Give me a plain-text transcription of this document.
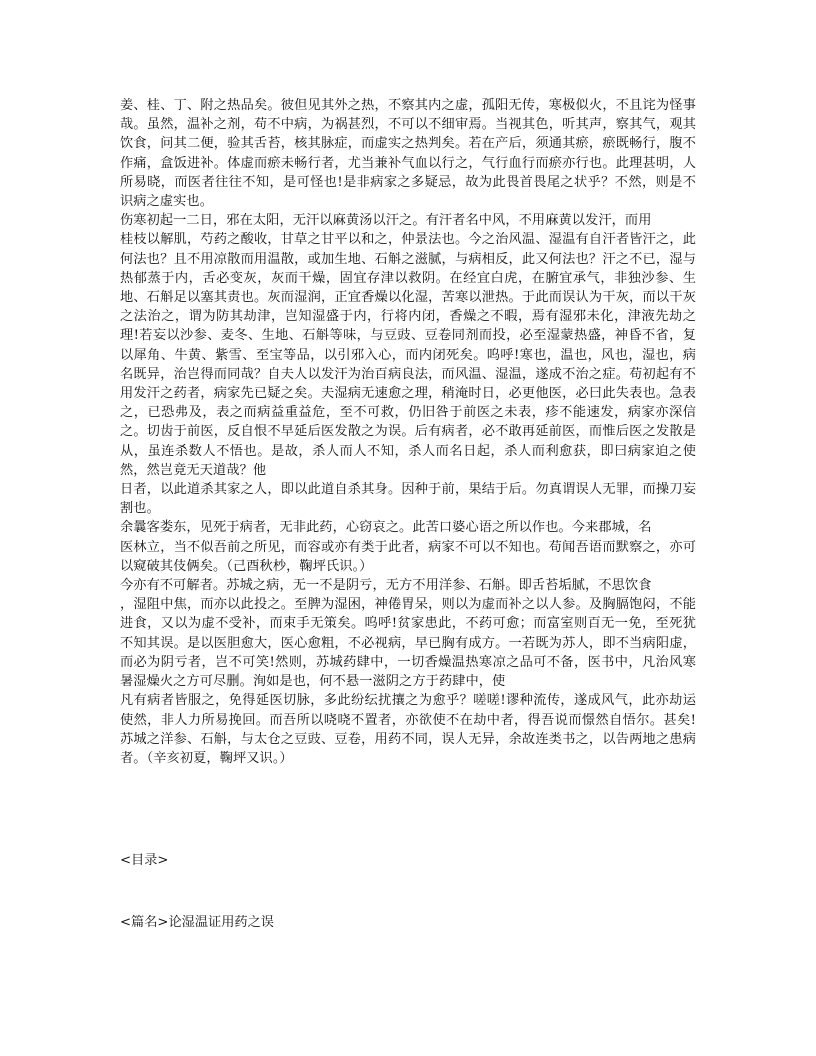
姜、桂、丁、附之热品矣。彼但见其外之热，不察其内之虚，孤阳无传，寒极似火，不且诧为怪事哉。虽然，温补之剂，苟不中病，为祸甚烈，不可以不细审焉。当视其色，听其声，察其气，观其饮食，问其二便，验其舌苔，核其脉症，而虚实之热判矣。若在产后，须通其瘀，瘀既畅行，腹不作痛，盒饭进补。体虚而瘀未畅行者，尤当兼补气血以行之，气行血行而瘀亦行也。此理甚明，人所易晓，而医者往往不知，是可怪也!是非病家之多疑忌，故为此畏首畏尾之状乎？不然，则是不识病之虚实也。

伤寒初起一二日，邪在太阳，无汗以麻黄汤以汗之。有汗者名中风，不用麻黄以发汗，而用

桂枝以解肌，芍药之酸收，甘草之甘平以和之，仲景法也。今之治风温、湿温有自汗者皆汗之，此何法也？且不用凉散而用温散，或加生地、石斛之滋腻，与病相反，此又何法也？汗之不已，湿与热郁蒸于内，舌必变灰，灰而干燥，固宜存津以救阴。在经宜白虎，在腑宜承气，非独沙参、生地、石斛足以塞其责也。灰而湿润，正宜香燥以化湿，苦寒以泄热。于此而误认为干灰，而以干灰之法治之，谓为防其劫津，岂知湿盛于内，行将内闭，香燥之不暇，焉有湿邪未化，津液先劫之理!若妄以沙参、麦冬、生地、石斛等味，与豆豉、豆卷同剂而投，必至湿蒙热盛，神昏不省，复以犀角、牛黄、紫雪、至宝等品，以引邪入心，而内闭死矣。呜呼!寒也，温也，风也，湿也，病名既异，治岂得而同哉？自夫人以发汗为治百病良法，而风温、湿温，遂成不治之症。苟初起有不用发汗之药者，病家先已疑之矣。夫湿病无速愈之理，稍淹时日，必更他医，必曰此失表也。急表之，已恐弗及，表之而病益重益危，至不可救，仍旧咎于前医之未表，疹不能速发，病家亦深信之。切齿于前医，反自恨不早延后医发散之为误。后有病者，必不敢再延前医，而惟后医之发散是从，虽连杀数人不悟也。是故，杀人而人不知，杀人而名日起，杀人而利愈获，即曰病家迫之使然，然岂竟无天道哉？他

日者，以此道杀其家之人，即以此道自杀其身。因种于前，果结于后。勿真谓误人无罪，而操刀妄割也。

余曩客娄东，见死于病者，无非此药，心窃哀之。此苦口婆心语之所以作也。今来郡城，名

医林立，当不似吾前之所见，而容或亦有类于此者，病家不可以不知也。苟闻吾语而默察之，亦可以窥破其伎俩矣。（己酉秋杪，鞠坪氏识。）

今亦有不可解者。苏城之病，无一不是阴亏，无方不用洋参、石斛。即舌苔垢腻，不思饮食

，湿阻中焦，而亦以此投之。至脾为湿困，神倦胃呆，则以为虚而补之以人参。及胸膈饱闷，不能进食，又以为虚不受补，而束手无策矣。呜呼!贫家患此，不药可愈；而富室则百无一免，至死犹不知其误。是以医胆愈大，医心愈粗，不必视病，早已胸有成方。一若既为苏人，即不当病阳虚，而必为阴亏者，岂不可笑!然则，苏城药肆中，一切香燥温热寒凉之品可不备，医书中，凡治风寒暑湿燥火之方可尽删。洵如是也，何不悬一滋阴之方于药肆中，使

凡有病者皆服之，免得延医切脉，多此纷纭扰攘之为愈乎？嗟嗟!谬种流传，遂成风气，此亦劫运使然，非人力所易挽回。而吾所以哓哓不置者，亦欲使不在劫中者，得吾说而憬然自悟尔。甚矣!苏城之洋参、石斛，与太仓之豆豉、豆卷，用药不同，误人无异，余故连类书之，以告两地之患病者。（辛亥初夏，鞠坪又识。）

<目录>

<篇名>论湿温证用药之误
